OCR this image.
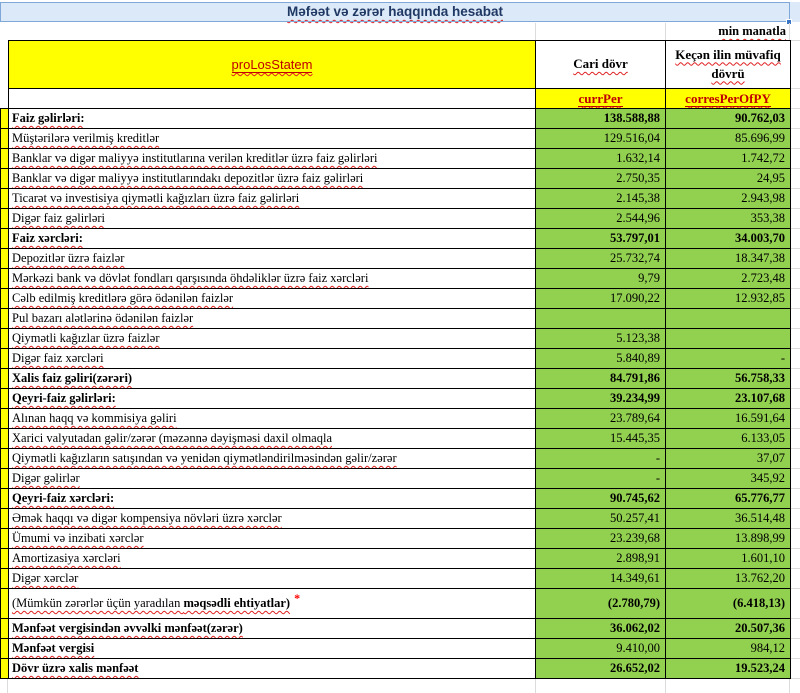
Məfəət və zərər haqqında hesabat
min manatla
	proLosStatem	Cari dövr	Keçən ilin müvafiq dövrü
		currPer	corresPerOfPY
	Faiz gəlirləri:	138.588,88	90.762,03
	Müştərilərə verilmiş kreditlər	129.516,04	85.696,99
	Banklar və digər maliyyə institutlarına verilən kreditlər üzrə faiz gəlirləri	1.632,14	1.742,72
	Banklar və digər maliyyə institutlarındakı depozitlər üzrə faiz gəlirləri	2.750,35	24,95
	Ticarət və investisiya qiymətli kağızları üzrə faiz gəlirləri	2.145,38	2.943,98
	Digər faiz gəlirləri	2.544,96	353,38
	Faiz xərcləri:	53.797,01	34.003,70
	Depozitlər üzrə faizlər	25.732,74	18.347,38
	Mərkəzi bank və dövlət fondları qarşısında öhdəliklər üzrə faiz xərcləri	9,79	2.723,48
	Cəlb edilmiş kreditlərə görə ödənilən faizlər	17.090,22	12.932,85
	Pul bazarı alətlərinə ödənilən faizlər		
	Qiymətli kağızlar üzrə faizlər	5.123,38	
	Digər faiz xərcləri	5.840,89	-
	Xalis faiz gəliri(zərəri)	84.791,86	56.758,33
	Qeyri-faiz gəlirləri:	39.234,99	23.107,68
	Alınan haqq və kommisiya gəliri	23.789,64	16.591,64
	Xarici valyutadan gəlir/zərər (məzənnə dəyişməsi daxil olmaqla	15.445,35	6.133,05
	Qiymətli kağızların satışından və yenidən qiymətləndirilməsindən gəlir/zərər	-	37,07
	Digər gəlirlər	-	345,92
	Qeyri-faiz xərcləri:	90.745,62	65.776,77
	Əmək haqqı və digər kompensiya növləri üzrə xərclər	50.257,41	36.514,48
	Ümumi və inzibati xərclər	23.239,68	13.898,99
	Amortizasiya xərcləri	2.898,91	1.601,10
	Digər xərclər	14.349,61	13.762,20
	(Mümkün zərərlər üçün yaradılan məqsədli ehtiyatlar) *	(2.780,79)	(6.418,13)
	Mənfəət vergisindən əvvəlki mənfəət(zərər)	36.062,02	20.507,36
	Mənfəət vergisi	9.410,00	984,12
	Dövr üzrə xalis mənfəət	26.652,02	19.523,24
